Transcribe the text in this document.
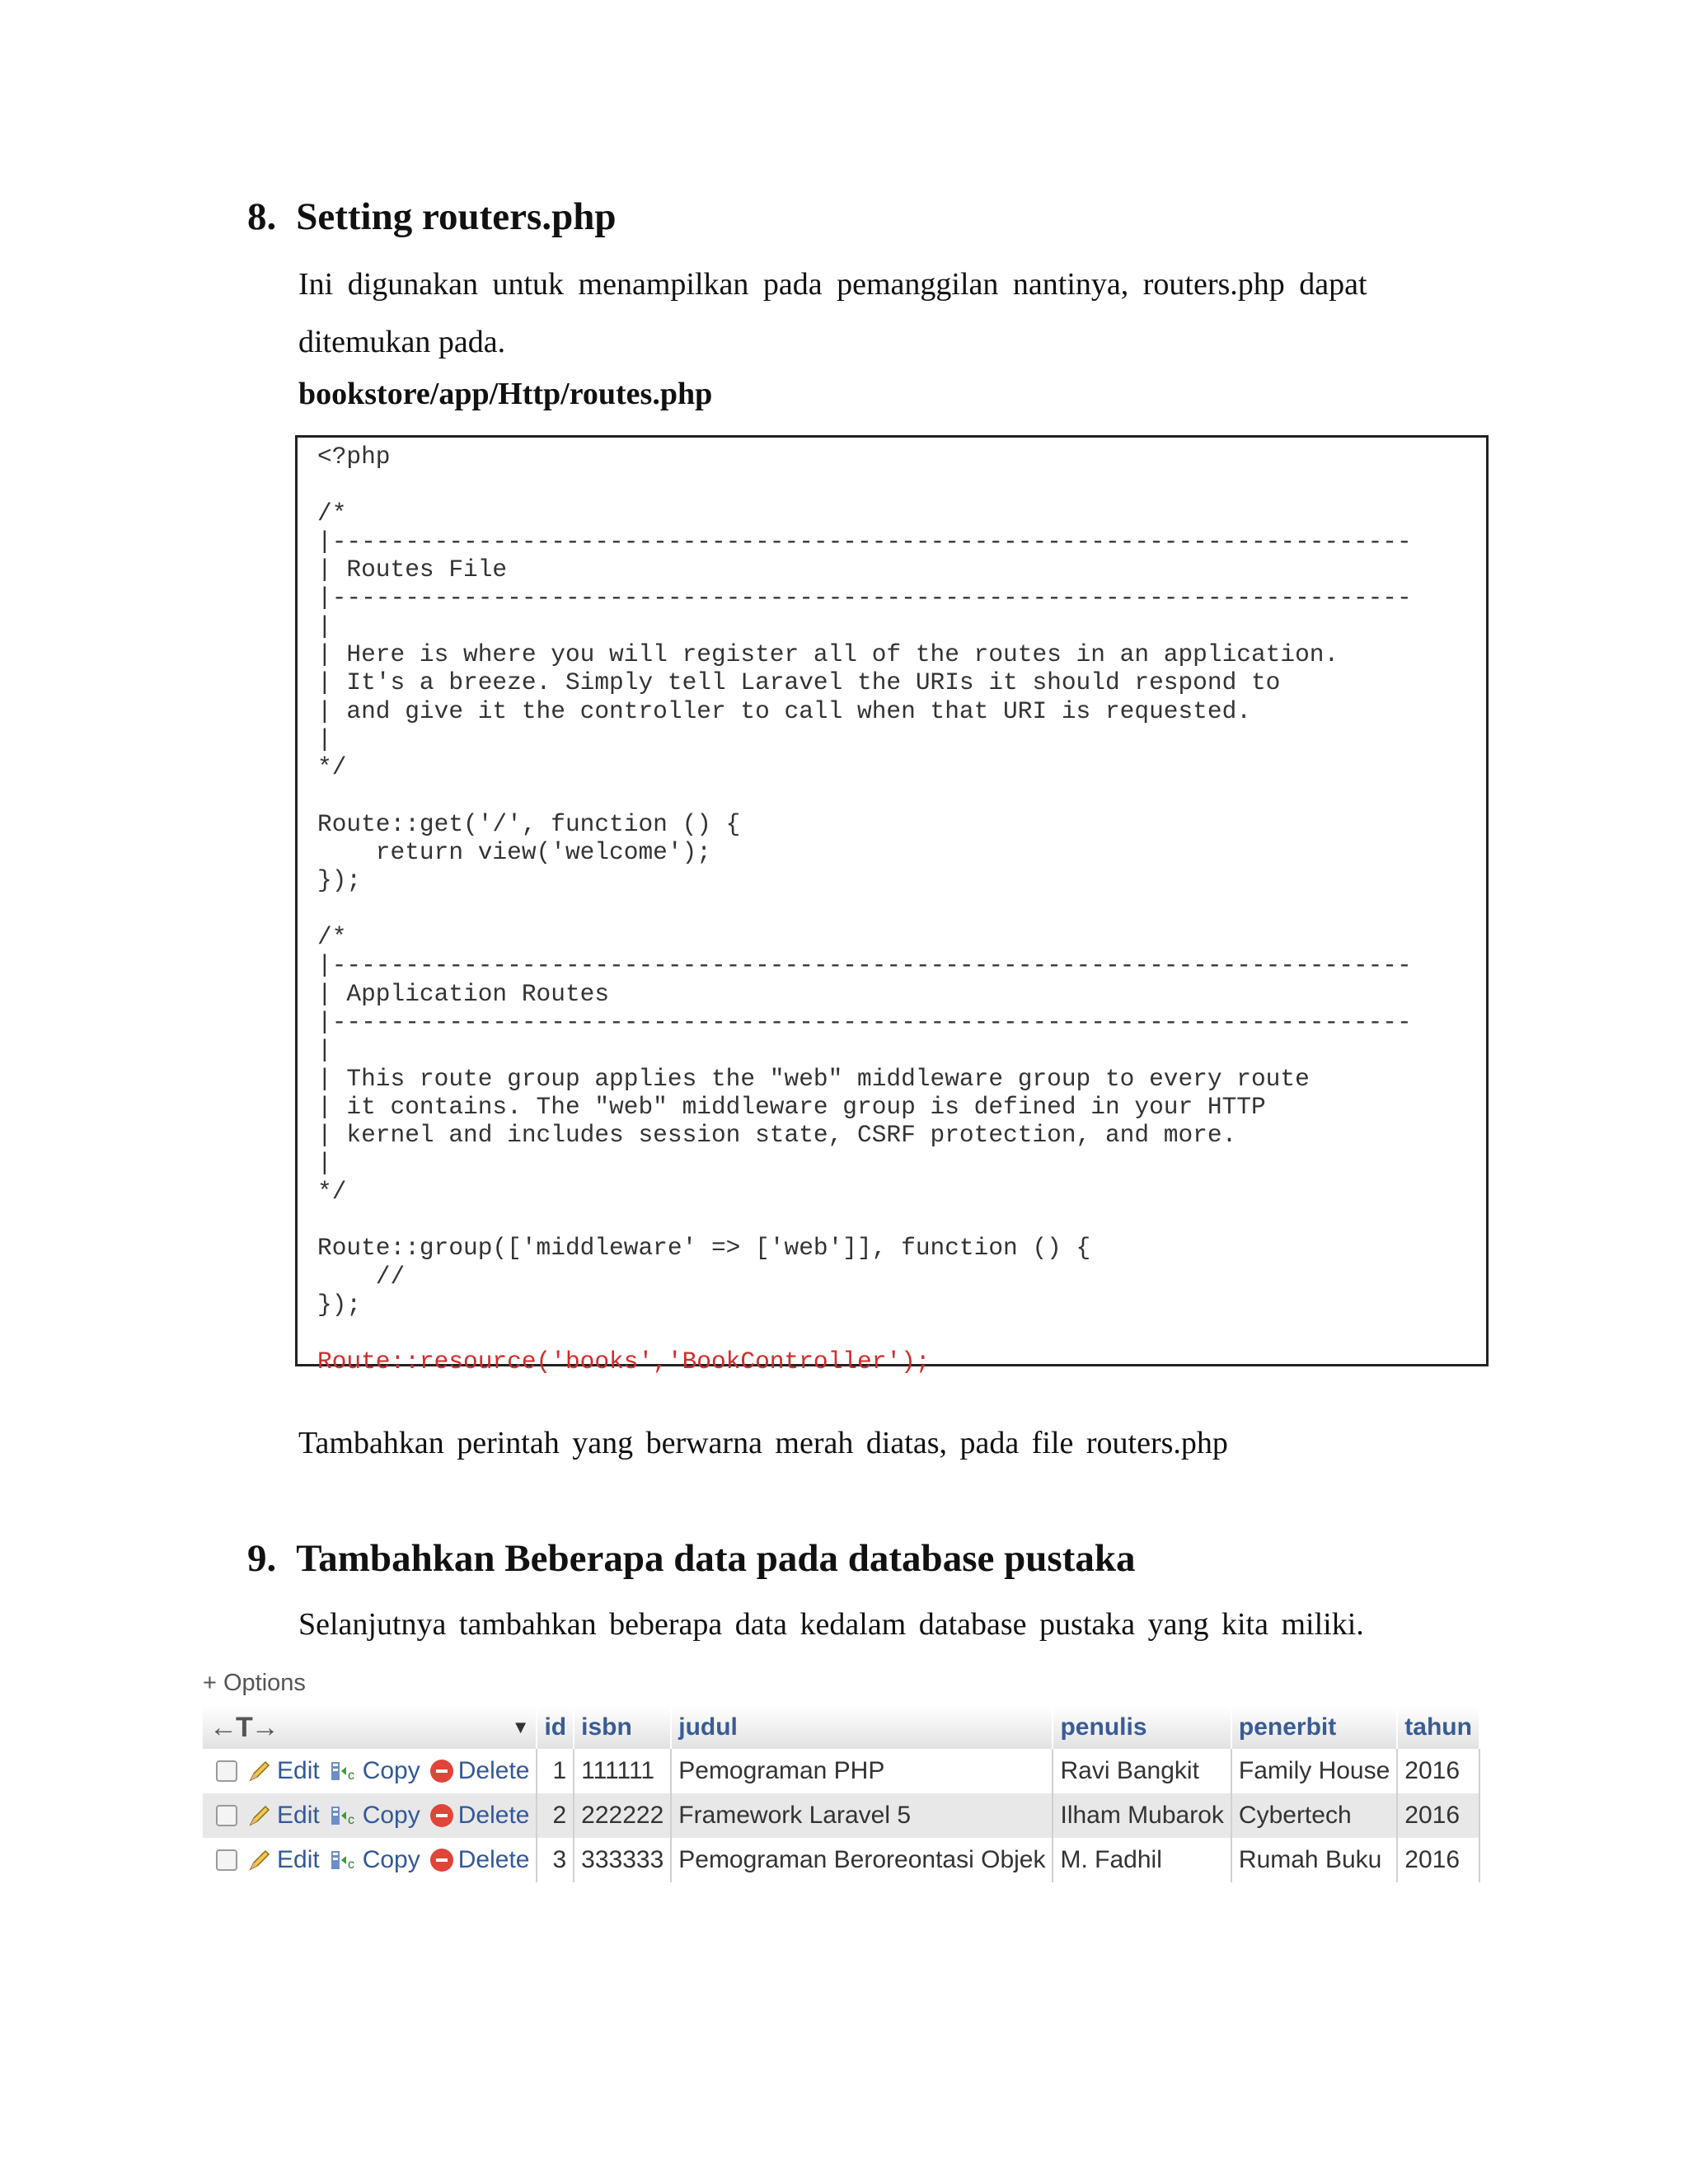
8. Setting routers.php
Ini digunakan untuk menampilkan pada pemanggilan nantinya, routers.php dapat
ditemukan pada.
bookstore/app/Http/routes.php
<?php

/*
|--------------------------------------------------------------------------
| Routes File
|--------------------------------------------------------------------------
|
| Here is where you will register all of the routes in an application.
| It's a breeze. Simply tell Laravel the URIs it should respond to
| and give it the controller to call when that URI is requested.
|
*/

Route::get('/', function () {
return view('welcome');
});

/*
|--------------------------------------------------------------------------
| Application Routes
|--------------------------------------------------------------------------
|
| This route group applies the "web" middleware group to every route
| it contains. The "web" middleware group is defined in your HTTP
| kernel and includes session state, CSRF protection, and more.
|
*/

Route::group(['middleware' => ['web']], function () {
//
});

Route::resource('books','BookController');
Tambahkan perintah yang berwarna merah diatas, pada file routers.php
9. Tambahkan Beberapa data pada database pustaka
Selanjutnya tambahkan beberapa data kedalam database pustaka yang kita miliki.
+ Options
←T→ ▼	id	isbn	judul	penulis	penerbit	tahun

Edit c Copy Delete	1	111111	Pemograman PHP	Ravi Bangkit	Family House	2016

Edit c Copy Delete	2	222222	Framework Laravel 5	Ilham Mubarok	Cybertech	2016

Edit c Copy Delete	3	333333	Pemograman Beroreontasi Objek	M. Fadhil	Rumah Buku	2016
